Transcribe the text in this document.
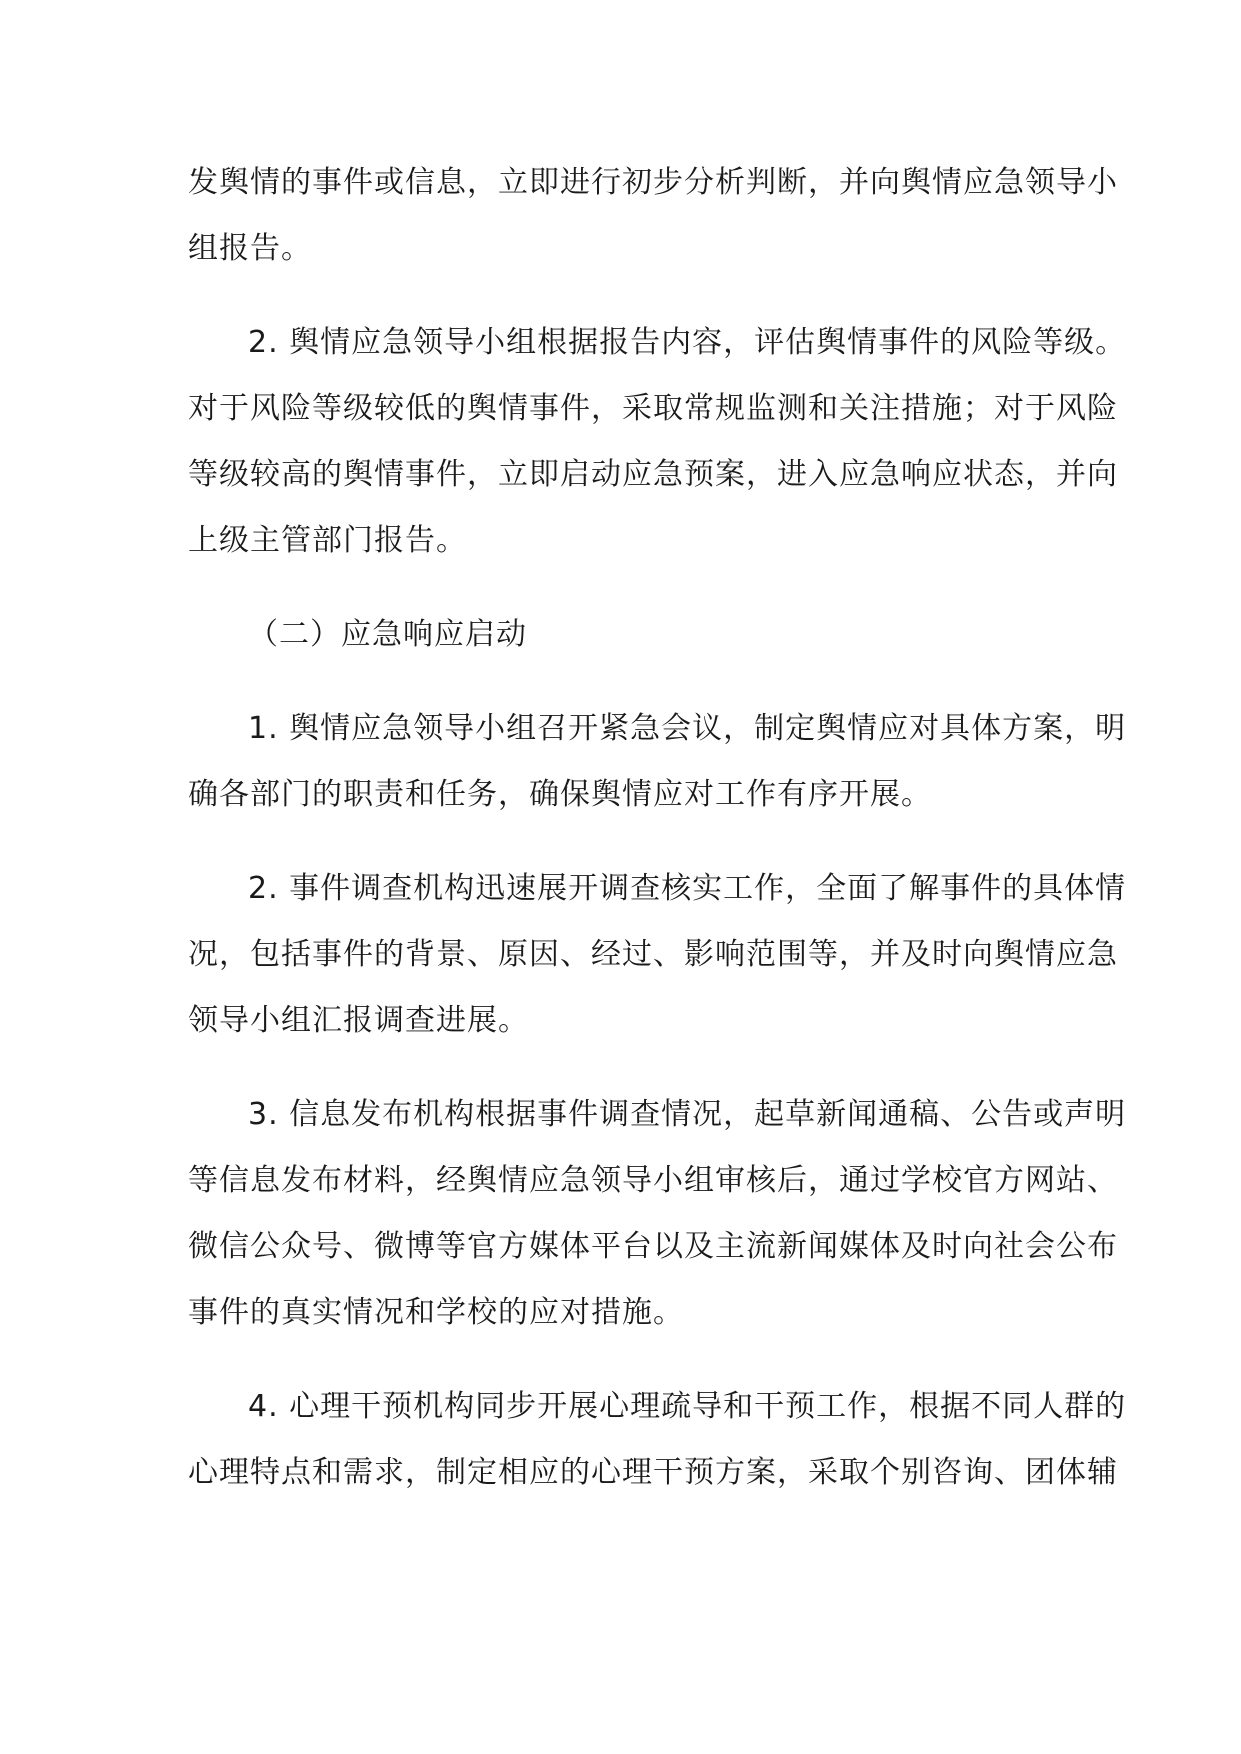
发舆情的事件或信息，立即进行初步分析判断，并向舆情应急领导小
组报告。
2. 舆情应急领导小组根据报告内容，评估舆情事件的风险等级。
对于风险等级较低的舆情事件，采取常规监测和关注措施；对于风险
等级较高的舆情事件，立即启动应急预案，进入应急响应状态，并向
上级主管部门报告。
（二）应急响应启动
1. 舆情应急领导小组召开紧急会议，制定舆情应对具体方案，明
确各部门的职责和任务，确保舆情应对工作有序开展。
2. 事件调查机构迅速展开调查核实工作，全面了解事件的具体情
况，包括事件的背景、原因、经过、影响范围等，并及时向舆情应急
领导小组汇报调查进展。
3. 信息发布机构根据事件调查情况，起草新闻通稿、公告或声明
等信息发布材料，经舆情应急领导小组审核后，通过学校官方网站、
微信公众号、微博等官方媒体平台以及主流新闻媒体及时向社会公布
事件的真实情况和学校的应对措施。
4. 心理干预机构同步开展心理疏导和干预工作，根据不同人群的
心理特点和需求，制定相应的心理干预方案，采取个别咨询、团体辅
